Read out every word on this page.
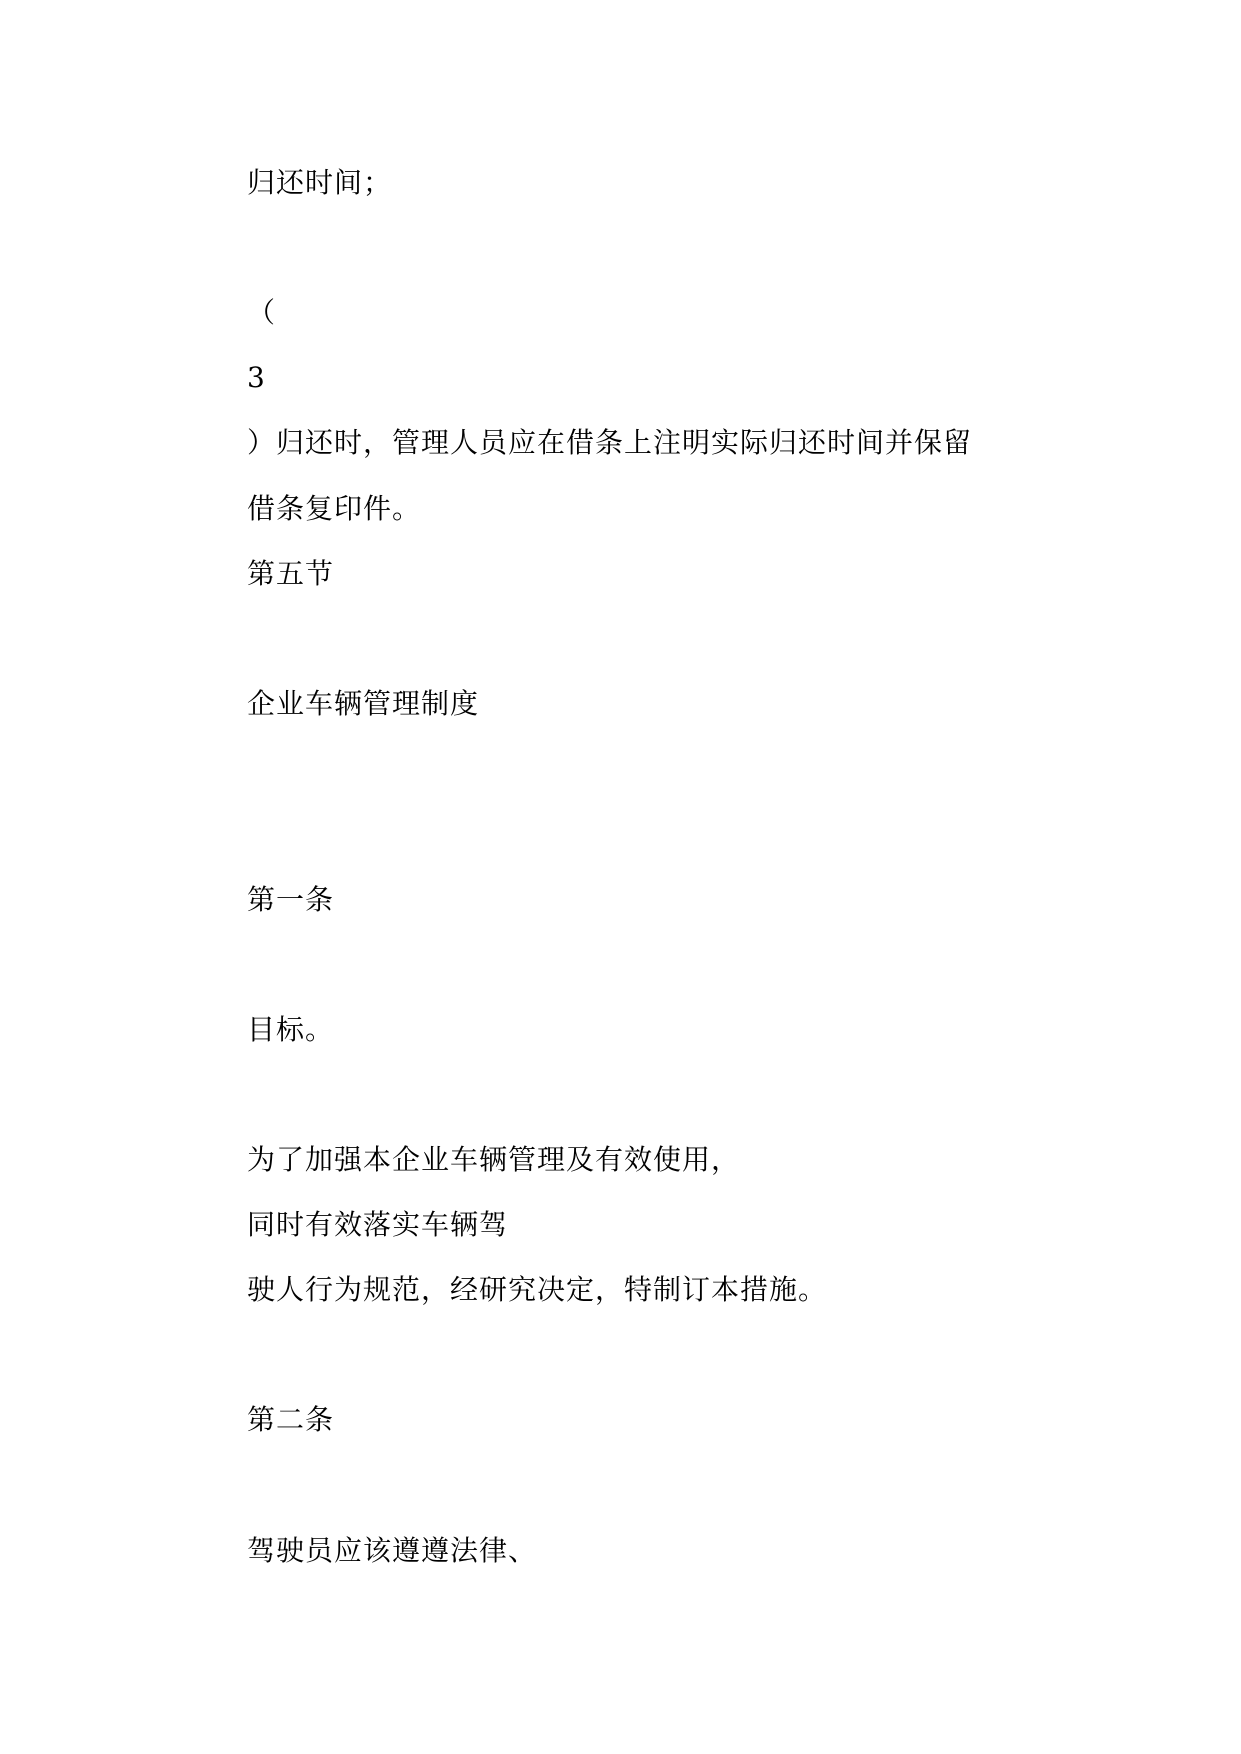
归还时间；
（
3
）归还时，管理人员应在借条上注明实际归还时间并保留
借条复印件。
第五节
企业车辆管理制度
第一条
目标。
为了加强本企业车辆管理及有效使用，
同时有效落实车辆驾
驶人行为规范，经研究决定，特制订本措施。
第二条
驾驶员应该遵遵法律、
